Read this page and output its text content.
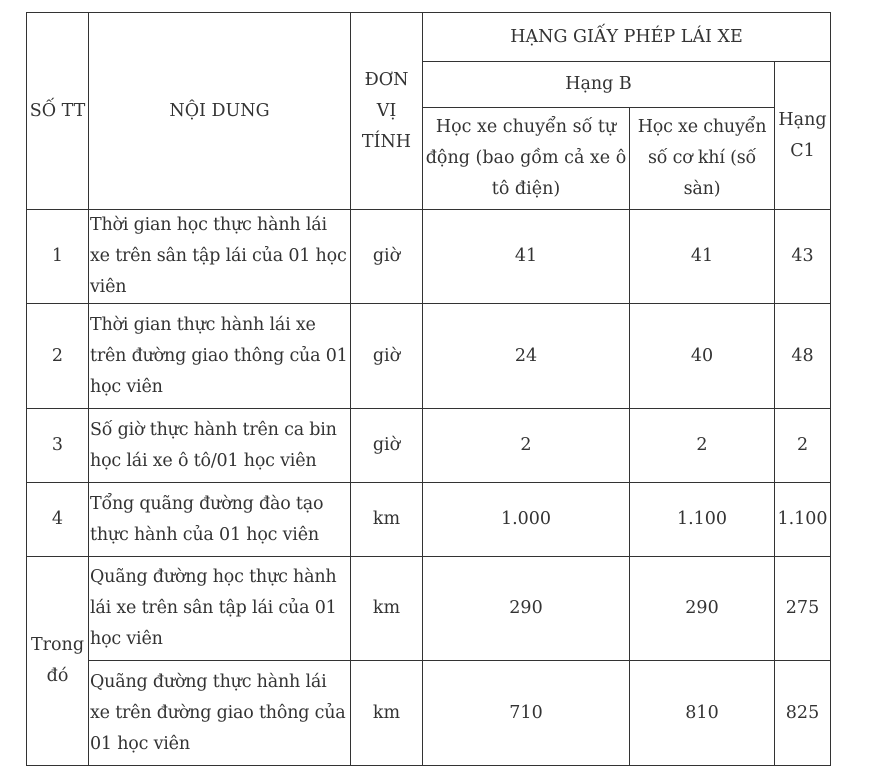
SỐ TT	NỘI DUNG	ĐƠN VỊ TÍNH	HẠNG GIẤY PHÉP LÁI XE		
			Hạng B		Hạng C1
			Học xe chuyển số tự động (bao gồm cả xe ô tô điện)	Học xe chuyển số cơ khí (số sàn)	
1	Thời gian học thực hành lái xe trên sân tập lái của 01 học viên	giờ	41	41	43
2	Thời gian thực hành lái xe trên đường giao thông của 01 học viên	giờ	24	40	48
3	Số giờ thực hành trên ca bin học lái xe ô tô/01 học viên	giờ	2	2	2
4	Tổng quãng đường đào tạo thực hành của 01 học viên	km	1.000	1.100	1.100
Trong đó	Quãng đường học thực hành lái xe trên sân tập lái của 01 học viên	km	290	290	275
	Quãng đường thực hành lái xe trên đường giao thông của 01 học viên	km	710	810	825
